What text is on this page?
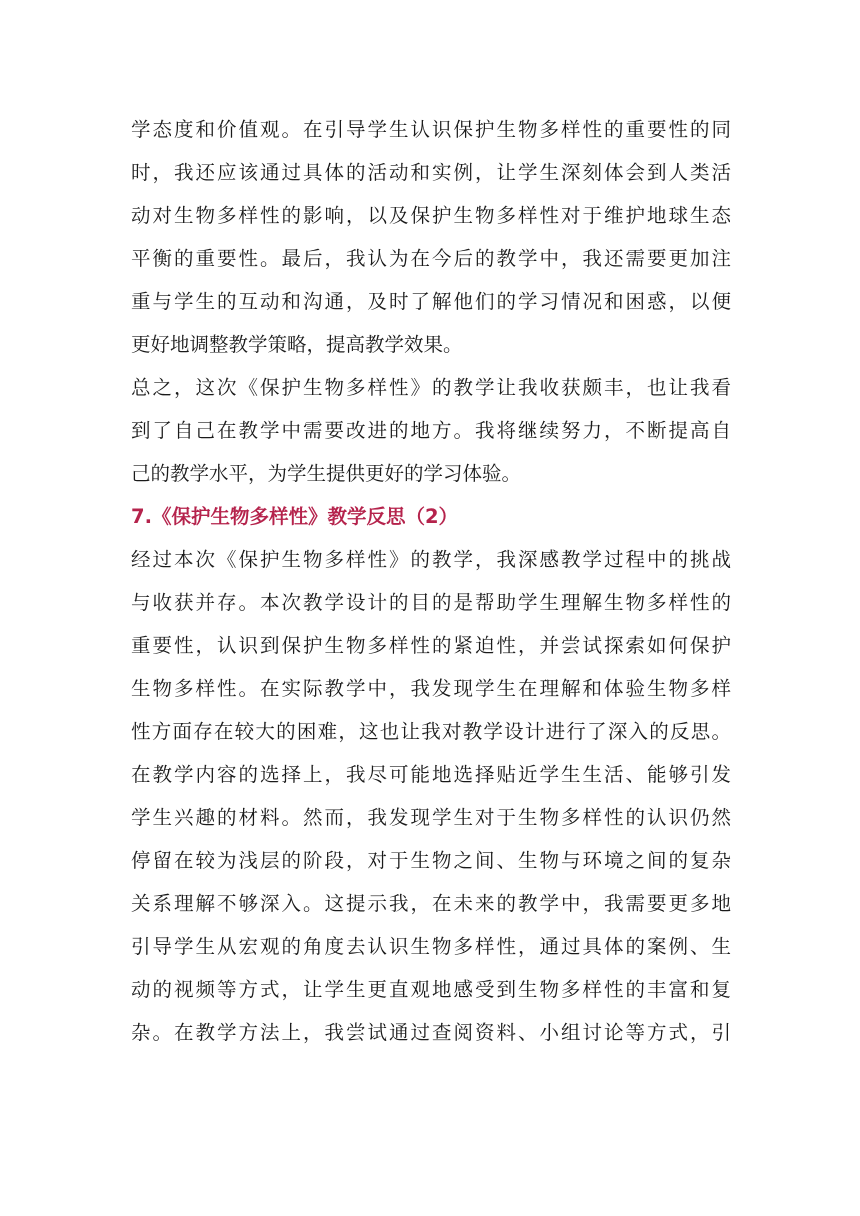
学态度和价值观。在引导学生认识保护生物多样性的重要性的同
时，我还应该通过具体的活动和实例，让学生深刻体会到人类活
动对生物多样性的影响，以及保护生物多样性对于维护地球生态
平衡的重要性。最后，我认为在今后的教学中，我还需要更加注
重与学生的互动和沟通，及时了解他们的学习情况和困惑，以便
更好地调整教学策略，提高教学效果。
总之，这次《保护生物多样性》的教学让我收获颇丰，也让我看
到了自己在教学中需要改进的地方。我将继续努力，不断提高自
己的教学水平，为学生提供更好的学习体验。
7.《保护生物多样性》教学反思（2）
经过本次《保护生物多样性》的教学，我深感教学过程中的挑战
与收获并存。本次教学设计的目的是帮助学生理解生物多样性的
重要性，认识到保护生物多样性的紧迫性，并尝试探索如何保护
生物多样性。在实际教学中，我发现学生在理解和体验生物多样
性方面存在较大的困难，这也让我对教学设计进行了深入的反思。
在教学内容的选择上，我尽可能地选择贴近学生生活、能够引发
学生兴趣的材料。然而，我发现学生对于生物多样性的认识仍然
停留在较为浅层的阶段，对于生物之间、生物与环境之间的复杂
关系理解不够深入。这提示我，在未来的教学中，我需要更多地
引导学生从宏观的角度去认识生物多样性，通过具体的案例、生
动的视频等方式，让学生更直观地感受到生物多样性的丰富和复
杂。在教学方法上，我尝试通过查阅资料、小组讨论等方式，引
